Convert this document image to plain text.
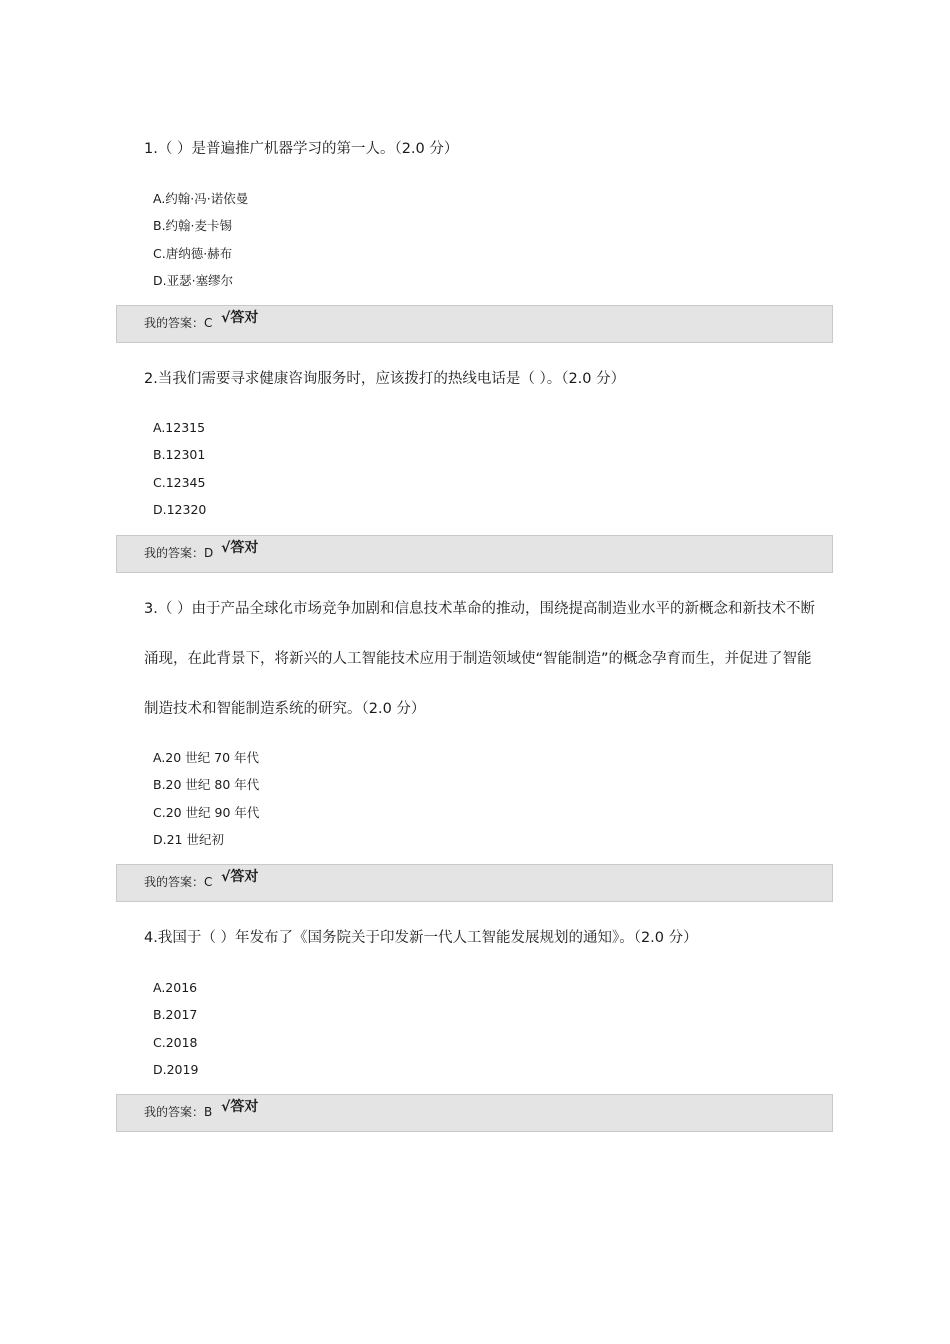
1.（ ）是普遍推广机器学习的第一人。（2.0 分）

A.约翰·冯·诺依曼
B.约翰·麦卡锡
C.唐纳德·赫布
D.亚瑟·塞缪尔
我的答案：C √答对

2.当我们需要寻求健康咨询服务时，应该拨打的热线电话是（ ）。（2.0 分）

A.12315
B.12301
C.12345
D.12320
我的答案：D √答对

3.（ ）由于产品全球化市场竞争加剧和信息技术革命的推动，围绕提高制造业水平的新概念和新技术不断涌现，在此背景下，将新兴的人工智能技术应用于制造领域使“智能制造”的概念孕育而生，并促进了智能制造技术和智能制造系统的研究。（2.0 分）

A.20 世纪 70 年代
B.20 世纪 80 年代
C.20 世纪 90 年代
D.21 世纪初
我的答案：C √答对

4.我国于（ ）年发布了《国务院关于印发新一代人工智能发展规划的通知》。（2.0 分）

A.2016
B.2017
C.2018
D.2019
我的答案：B √答对
